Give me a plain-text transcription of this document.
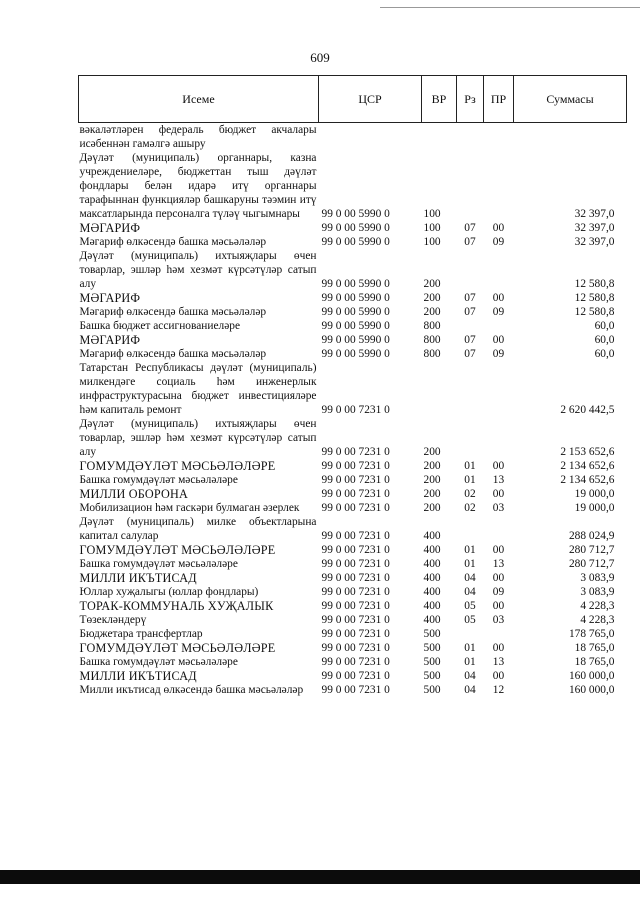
609
Исеме	ЦСР	ВР	Рз	ПР	Суммасы
вәкаләтләрен федераль бюджет акчалары исәбеннән гамәлгә ашыру					
Дәүләт (муниципаль) органнары, казна учреждениеләре, бюджеттан тыш дәүләт фондлары белән идарә итү органнары тарафыннан функцияләр башкаруны тәэмин итү максатларында персоналга түләү чыгымнары	99 0 00 5990 0	100			32 397,0
МӘГАРИФ	99 0 00 5990 0	100	07	00	32 397,0
Мәгариф өлкәсендә башка мәсьәләләр	99 0 00 5990 0	100	07	09	32 397,0
Дәүләт (муниципаль) ихтыяҗлары өчен товарлар, эшләр һәм хезмәт күрсәтүләр сатып алу	99 0 00 5990 0	200			12 580,8
МӘГАРИФ	99 0 00 5990 0	200	07	00	12 580,8
Мәгариф өлкәсендә башка мәсьәләләр	99 0 00 5990 0	200	07	09	12 580,8
Башка бюджет ассигнованиеләре	99 0 00 5990 0	800			60,0
МӘГАРИФ	99 0 00 5990 0	800	07	00	60,0
Мәгариф өлкәсендә башка мәсьәләләр	99 0 00 5990 0	800	07	09	60,0
Татарстан Республикасы дәүләт (муниципаль) милкендәге социаль һәм инженерлык инфраструктурасына бюджет инвестицияләре һәм капиталь ремонт	99 0 00 7231 0				2 620 442,5
Дәүләт (муниципаль) ихтыяҗлары өчен товарлар, эшләр һәм хезмәт күрсәтүләр сатып алу	99 0 00 7231 0	200			2 153 652,6
ГОМУМДӘҮЛӘТ МӘСЬӘЛӘЛӘРЕ	99 0 00 7231 0	200	01	00	2 134 652,6
Башка гомумдәүләт мәсьәләләре	99 0 00 7231 0	200	01	13	2 134 652,6
МИЛЛИ ОБОРОНА	99 0 00 7231 0	200	02	00	19 000,0
Мобилизацион һәм гаскәри булмаган әзерлек	99 0 00 7231 0	200	02	03	19 000,0
Дәүләт (муниципаль) милке объектларына капитал салулар	99 0 00 7231 0	400			288 024,9
ГОМУМДӘҮЛӘТ МӘСЬӘЛӘЛӘРЕ	99 0 00 7231 0	400	01	00	280 712,7
Башка гомумдәүләт мәсьәләләре	99 0 00 7231 0	400	01	13	280 712,7
МИЛЛИ ИКЪТИСАД	99 0 00 7231 0	400	04	00	3 083,9
Юллар хуҗалыгы (юллар фондлары)	99 0 00 7231 0	400	04	09	3 083,9
ТОРАК-КОММУНАЛЬ ХУҖАЛЫК	99 0 00 7231 0	400	05	00	4 228,3
Төзекләндерү	99 0 00 7231 0	400	05	03	4 228,3
Бюджетара трансфертлар	99 0 00 7231 0	500			178 765,0
ГОМУМДӘҮЛӘТ МӘСЬӘЛӘЛӘРЕ	99 0 00 7231 0	500	01	00	18 765,0
Башка гомумдәүләт мәсьәләләре	99 0 00 7231 0	500	01	13	18 765,0
МИЛЛИ ИКЪТИСАД	99 0 00 7231 0	500	04	00	160 000,0
Милли икътисад өлкәсендә башка мәсьәләләр	99 0 00 7231 0	500	04	12	160 000,0
